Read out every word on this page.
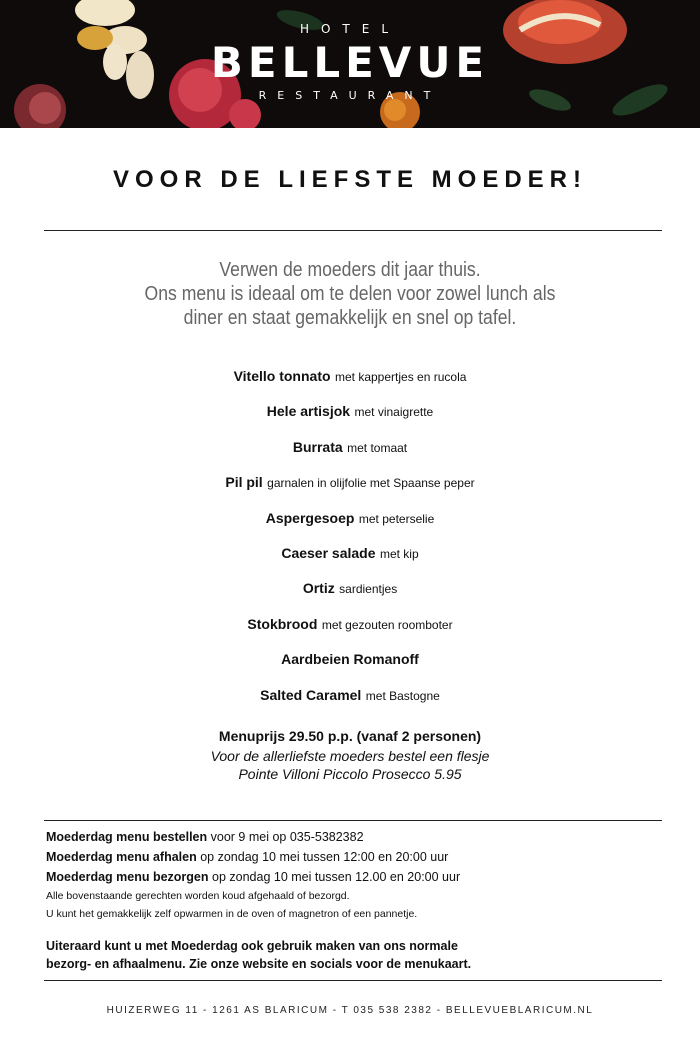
HOTEL
BELLEVUE
RESTAURANT
VOOR DE LIEFSTE MOEDER!
Verwen de moeders dit jaar thuis.
Ons menu is ideaal om te delen voor zowel lunch als
diner en staat gemakkelijk en snel op tafel.
Vitello tonnato met kappertjes en rucola
Hele artisjok met vinaigrette
Burrata met tomaat
Pil pil garnalen in olijfolie met Spaanse peper
Aspergesoep met peterselie
Caeser salade met kip
Ortiz sardientjes
Stokbrood met gezouten roomboter
Aardbeien Romanoff
Salted Caramel met Bastogne
Menuprijs 29.50 p.p. (vanaf 2 personen)
Voor de allerliefste moeders bestel een flesje
Pointe Villoni Piccolo Prosecco 5.95
Moederdag menu bestellen voor 9 mei op 035-5382382
Moederdag menu afhalen op zondag 10 mei tussen 12:00 en 20:00 uur
Moederdag menu bezorgen op zondag 10 mei tussen 12.00 en 20:00 uur
Alle bovenstaande gerechten worden koud afgehaald of bezorgd.
U kunt het gemakkelijk zelf opwarmen in de oven of magnetron of een pannetje.
Uiteraard kunt u met Moederdag ook gebruik maken van ons normale
bezorg- en afhaalmenu. Zie onze website en socials voor de menukaart.
HUIZERWEG 11 - 1261 AS BLARICUM - T 035 538 2382 - BELLEVUEBLARICUM.NL
